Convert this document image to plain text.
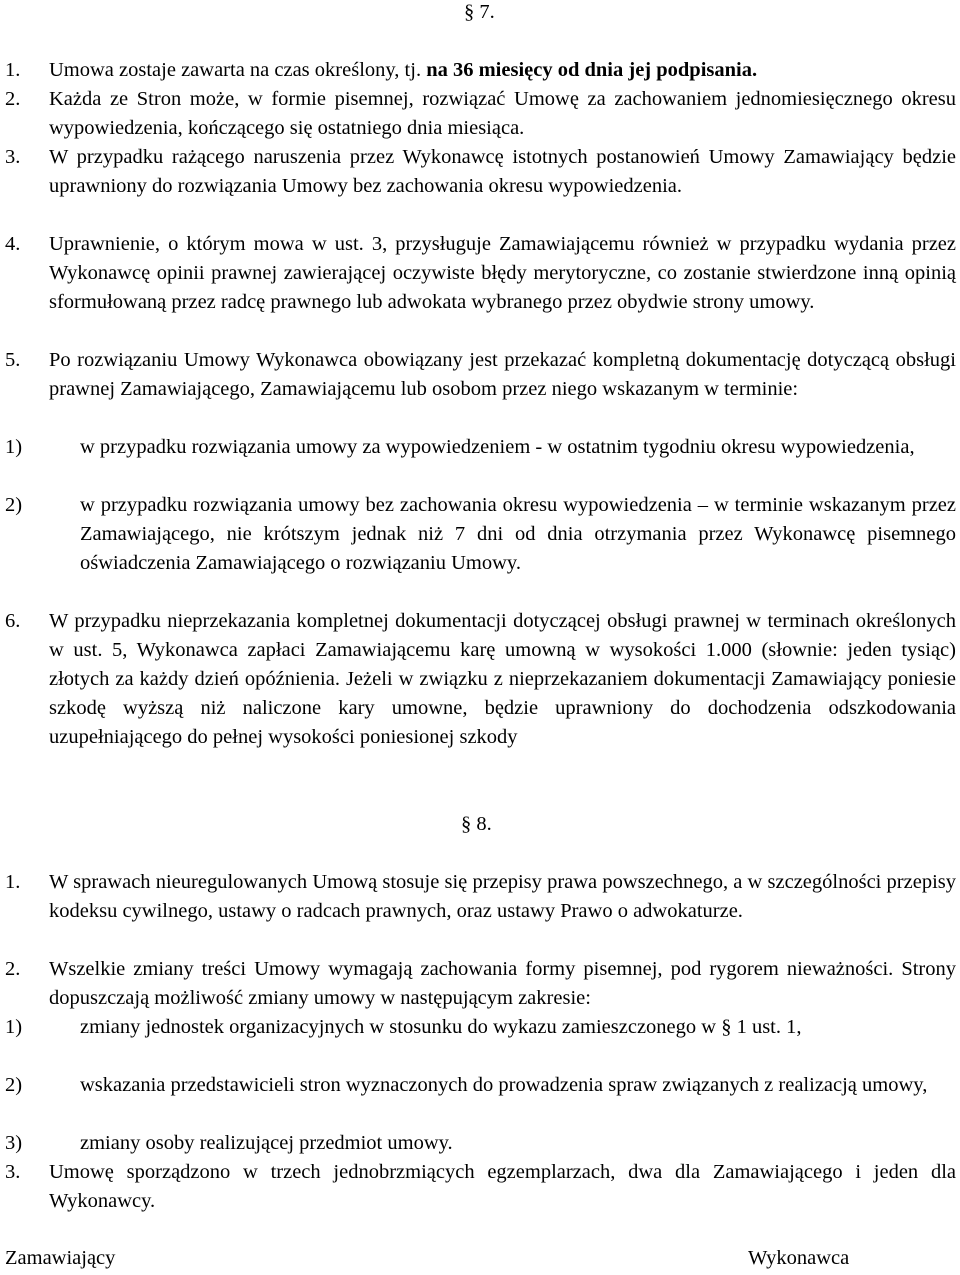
§ 7.
1. Umowa zostaje zawarta na czas określony, tj. na 36 miesięcy od dnia jej podpisania.
2. Każda ze Stron może, w formie pisemnej, rozwiązać Umowę za zachowaniem jednomiesięcznego okresu wypowiedzenia, kończącego się ostatniego dnia miesiąca.
3. W przypadku rażącego naruszenia przez Wykonawcę istotnych postanowień Umowy Zamawiający będzie uprawniony do rozwiązania Umowy bez zachowania okresu wypowiedzenia.
4. Uprawnienie, o którym mowa w ust. 3, przysługuje Zamawiającemu również w przypadku wydania przez Wykonawcę opinii prawnej zawierającej oczywiste błędy merytoryczne, co zostanie stwierdzone inną opinią sformułowaną przez radcę prawnego lub adwokata wybranego przez obydwie strony umowy.
5. Po rozwiązaniu Umowy Wykonawca obowiązany jest przekazać kompletną dokumentację dotyczącą obsługi prawnej Zamawiającego, Zamawiającemu lub osobom przez niego wskazanym w terminie:
1)	w przypadku rozwiązania umowy za wypowiedzeniem - w ostatnim tygodniu okresu wypowiedzenia,
2)	w przypadku rozwiązania umowy bez zachowania okresu wypowiedzenia – w terminie wskazanym przez Zamawiającego, nie krótszym jednak niż 7 dni od dnia otrzymania przez Wykonawcę pisemnego oświadczenia Zamawiającego o rozwiązaniu Umowy.
6. W przypadku nieprzekazania kompletnej dokumentacji dotyczącej obsługi prawnej w terminach określonych w ust. 5, Wykonawca zapłaci Zamawiającemu karę umowną w wysokości 1.000 (słownie: jeden tysiąc) złotych za każdy dzień opóźnienia. Jeżeli w związku z nieprzekazaniem dokumentacji Zamawiający poniesie szkodę wyższą niż naliczone kary umowne, będzie uprawniony do dochodzenia odszkodowania uzupełniającego do pełnej wysokości poniesionej szkody
§ 8.
1. W sprawach nieuregulowanych Umową stosuje się przepisy prawa powszechnego, a w szczególności przepisy kodeksu cywilnego, ustawy o radcach prawnych, oraz ustawy Prawo o adwokaturze.
2. Wszelkie zmiany treści Umowy wymagają zachowania formy pisemnej, pod rygorem nieważności. Strony dopuszczają możliwość zmiany umowy w następującym zakresie:
1)	zmiany jednostek organizacyjnych w stosunku do wykazu zamieszczonego w § 1 ust. 1,
2)	wskazania przedstawicieli stron wyznaczonych do prowadzenia spraw związanych z realizacją umowy,
3)	zmiany osoby realizującej przedmiot umowy.
3. Umowę sporządzono w trzech jednobrzmiących egzemplarzach, dwa dla Zamawiającego i jeden dla Wykonawcy.
Zamawiający	Wykonawca
